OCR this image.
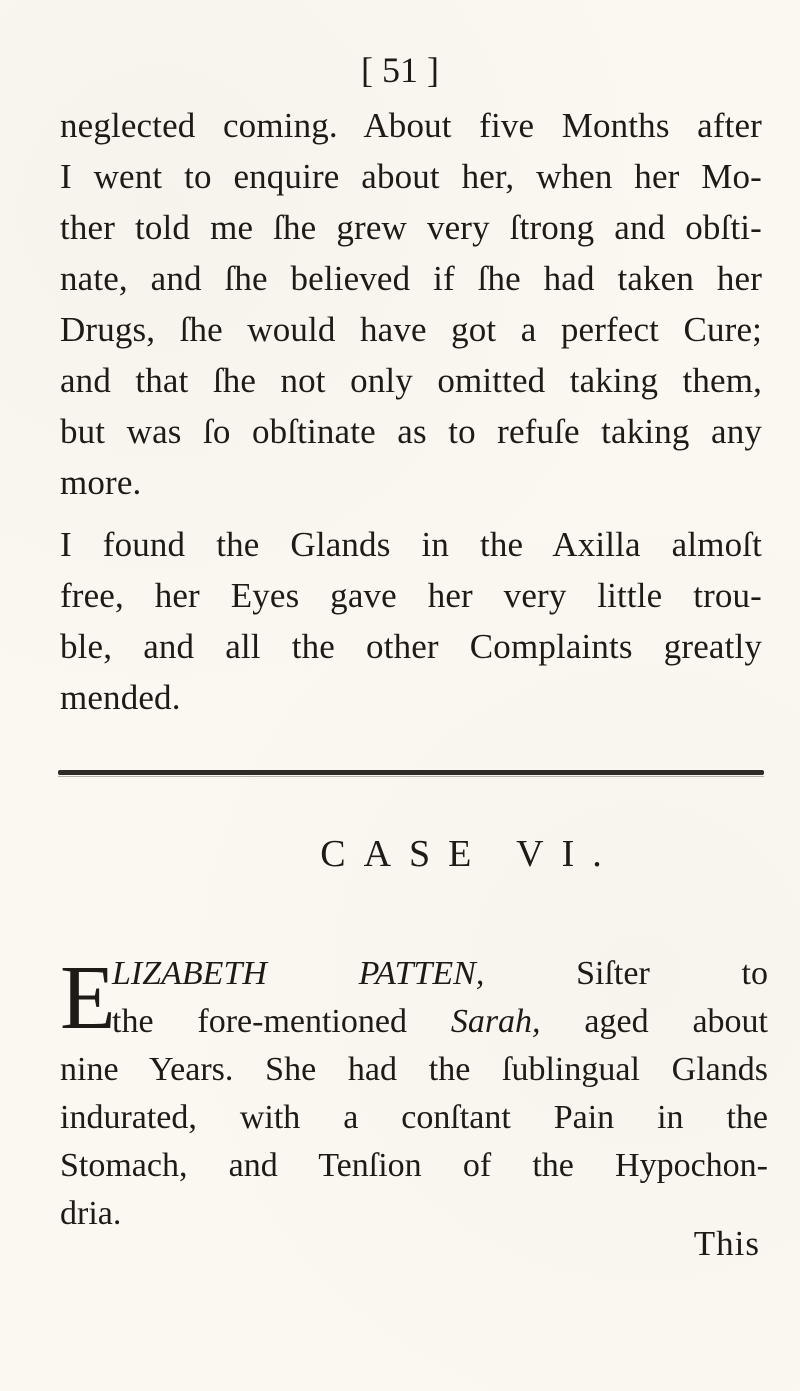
[ 51 ]
neglected coming. About five Months after
I went to enquire about her, when her Mo-
ther told me ſhe grew very ſtrong and obſti-
nate, and ſhe believed if ſhe had taken her
Drugs, ſhe would have got a perfect Cure;
and that ſhe not only omitted taking them,
but was ſo obſtinate as to refuſe taking any
more.
I found the Glands in the Axilla almoſt
free, her Eyes gave her very little trou-
ble, and all the other Complaints greatly
mended.
CASE VI.
E
LIZABETH PATTEN, Siſter to
the fore-mentioned Sarah, aged about
nine Years. She had the ſublingual Glands
indurated, with a conſtant Pain in the
Stomach, and Tenſion of the Hypochon-
dria.
This
